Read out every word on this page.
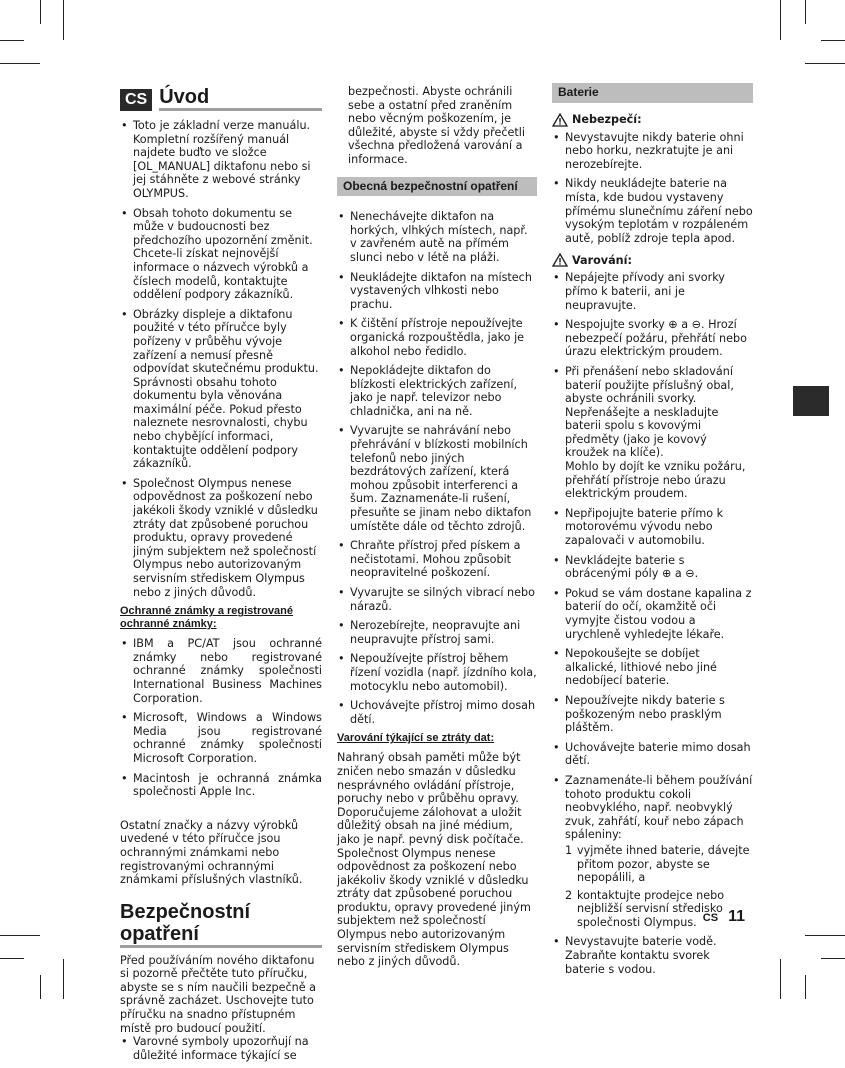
CS Úvod
• Toto je základní verze manuálu. Kompletní rozšířený manuál najdete buďto ve složce [OL_MANUAL] diktafonu nebo si jej stáhněte z webové stránky OLYMPUS.
• Obsah tohoto dokumentu se může v budoucnosti bez předchozího upozornění změnit. Chcete-li získat nejnovější informace o názvech výrobků a číslech modelů, kontaktujte oddělení podpory zákazníků.
• Obrázky displeje a diktafonu použité v této příručce byly pořízeny v průběhu vývoje zařízení a nemusí přesně odpovídat skutečnému produktu. Správnosti obsahu tohoto dokumentu byla věnována maximální péče. Pokud přesto naleznete nesrovnalosti, chybu nebo chybějící informaci, kontaktujte oddělení podpory zákazníků.
• Společnost Olympus nenese odpovědnost za poškození nebo jakékoli škody vzniklé v důsledku ztráty dat způsobené poruchou produktu, opravy provedené jiným subjektem než společností Olympus nebo autorizovaným servisním střediskem Olympus nebo z jiných důvodů.
Ochranné známky a registrované ochranné známky:
• IBM a PC/AT jsou ochranné známky nebo registrované ochranné známky společnosti International Business Machines Corporation.
• Microsoft, Windows a Windows Media jsou registrované ochranné známky společnosti Microsoft Corporation.
• Macintosh je ochranná známka společnosti Apple Inc.

Ostatní značky a názvy výrobků uvedené v této příručce jsou ochrannými známkami nebo registrovanými ochrannými známkami příslušných vlastníků.

Bezpečnostní opatření

Před používáním nového diktafonu si pozorně přečtěte tuto příručku, abyste se s ním naučili bezpečně a správně zacházet. Uschovejte tuto příručku na snadno přístupném místě pro budoucí použití.

• Varovné symboly upozorňují na důležité informace týkající se

bezpečnosti. Abyste ochránili sebe a ostatní před zraněním nebo věcným poškozením, je důležité, abyste si vždy přečetli všechna předložená varování a informace.

Obecná bezpečnostní opatření
• Nenechávejte diktafon na horkých, vlhkých místech, např. v zavřeném autě na přímém slunci nebo v létě na pláži.
• Neukládejte diktafon na místech vystavených vlhkosti nebo prachu.
• K čištění přístroje nepoužívejte organická rozpouštědla, jako je alkohol nebo ředidlo.
• Nepokládejte diktafon do blízkosti elektrických zařízení, jako je např. televizor nebo chladnička, ani na ně.
• Vyvarujte se nahrávání nebo přehrávání v blízkosti mobilních telefonů nebo jiných bezdrátových zařízení, která mohou způsobit interferenci a šum. Zaznamenáte-li rušení, přesuňte se jinam nebo diktafon umístěte dále od těchto zdrojů.
• Chraňte přístroj před pískem a nečistotami. Mohou způsobit neopravitelné poškození.
• Vyvarujte se silných vibrací nebo nárazů.
• Nerozebírejte, neopravujte ani neupravujte přístroj sami.
• Nepoužívejte přístroj během řízení vozidla (např. jízdního kola, motocyklu nebo automobil).
• Uchovávejte přístroj mimo dosah dětí.
Varování týkající se ztráty dat:

Nahraný obsah paměti může být zničen nebo smazán v důsledku nesprávného ovládání přístroje, poruchy nebo v průběhu opravy. Doporučujeme zálohovat a uložit důležitý obsah na jiné médium, jako je např. pevný disk počítače.

Společnost Olympus nenese odpovědnost za poškození nebo jakékoliv škody vzniklé v důsledku ztráty dat způsobené poruchou produktu, opravy provedené jiným subjektem než společností Olympus nebo autorizovaným servisním střediskem Olympus nebo z jiných důvodů.

Baterie
Nebezpečí:
• Nevystavujte nikdy baterie ohni nebo horku, nezkratujte je ani nerozebírejte.
• Nikdy neukládejte baterie na místa, kde budou vystaveny přímému slunečnímu záření nebo vysokým teplotám v rozpáleném autě, poblíž zdroje tepla apod.
Varování:
• Nepájejte přívody ani svorky přímo k baterii, ani je neupravujte.
• Nespojujte svorky ⊕ a ⊖. Hrozí nebezpečí požáru, přehřátí nebo úrazu elektrickým proudem.
• Při přenášení nebo skladování baterií použijte příslušný obal, abyste ochránili svorky. Nepřenášejte a neskladujte baterii spolu s kovovými předměty (jako je kovový kroužek na klíče).

Mohlo by dojít ke vzniku požáru, přehřátí přístroje nebo úrazu elektrickým proudem.

• Nepřipojujte baterie přímo k motorovému vývodu nebo zapalovači v automobilu.
• Nevkládejte baterie s obrácenými póly ⊕ a ⊖.
• Pokud se vám dostane kapalina z baterií do očí, okamžitě oči vymyjte čistou vodou a urychleně vyhledejte lékaře.
• Nepokoušejte se dobíjet alkalické, lithiové nebo jiné nedobíjecí baterie.
• Nepoužívejte nikdy baterie s poškozeným nebo prasklým pláštěm.
• Uchovávejte baterie mimo dosah dětí.
• Zaznamenáte-li během používání tohoto produktu cokoli neobvyklého, např. neobvyklý zvuk, zahřátí, kouř nebo zápach spáleniny:
1 vyjměte ihned baterie, dávejte přitom pozor, abyste se nepopálili, a
2 kontaktujte prodejce nebo nejbližší servisní středisko společnosti Olympus.
• Nevystavujte baterie vodě. Zabraňte kontaktu svorek baterie s vodou.
CS 11
